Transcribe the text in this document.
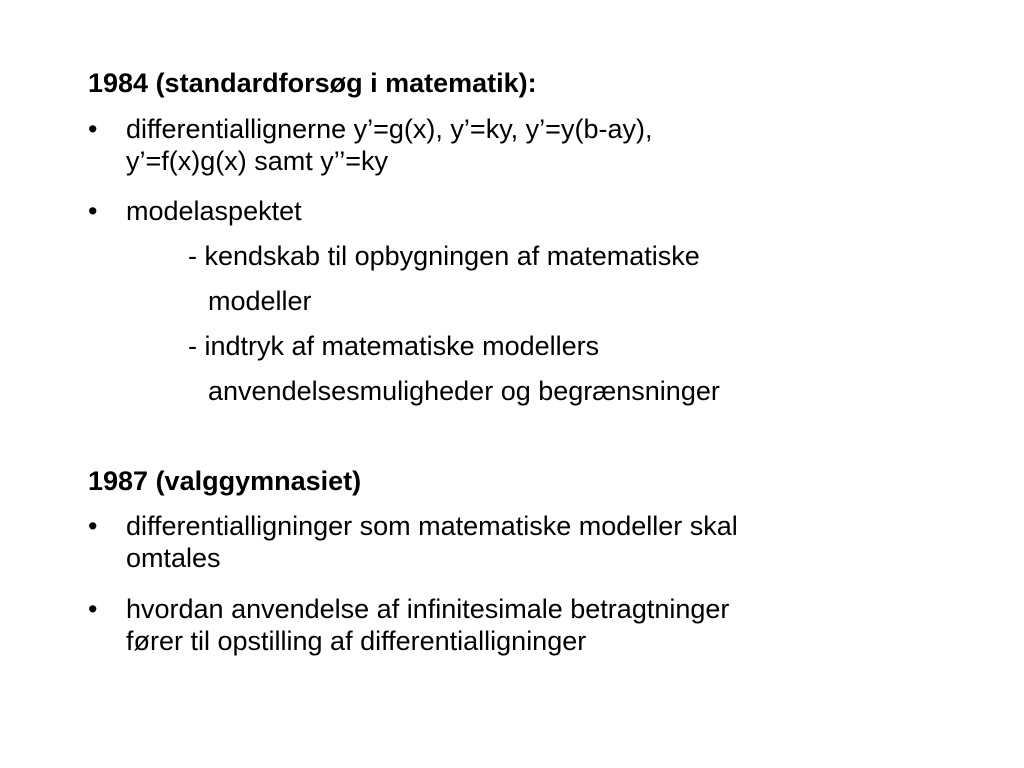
1984 (standardforsøg i matematik):
• differentiallignerne y’=g(x), y’=ky, y’=y(b-ay),
y’=f(x)g(x) samt y’’=ky
• modelaspektet
- kendskab til opbygningen af matematiske
modeller
- indtryk af matematiske modellers
anvendelsesmuligheder og begrænsninger
1987 (valggymnasiet)
• differentialligninger som matematiske modeller skal
omtales
• hvordan anvendelse af infinitesimale betragtninger
fører til opstilling af differentialligninger
